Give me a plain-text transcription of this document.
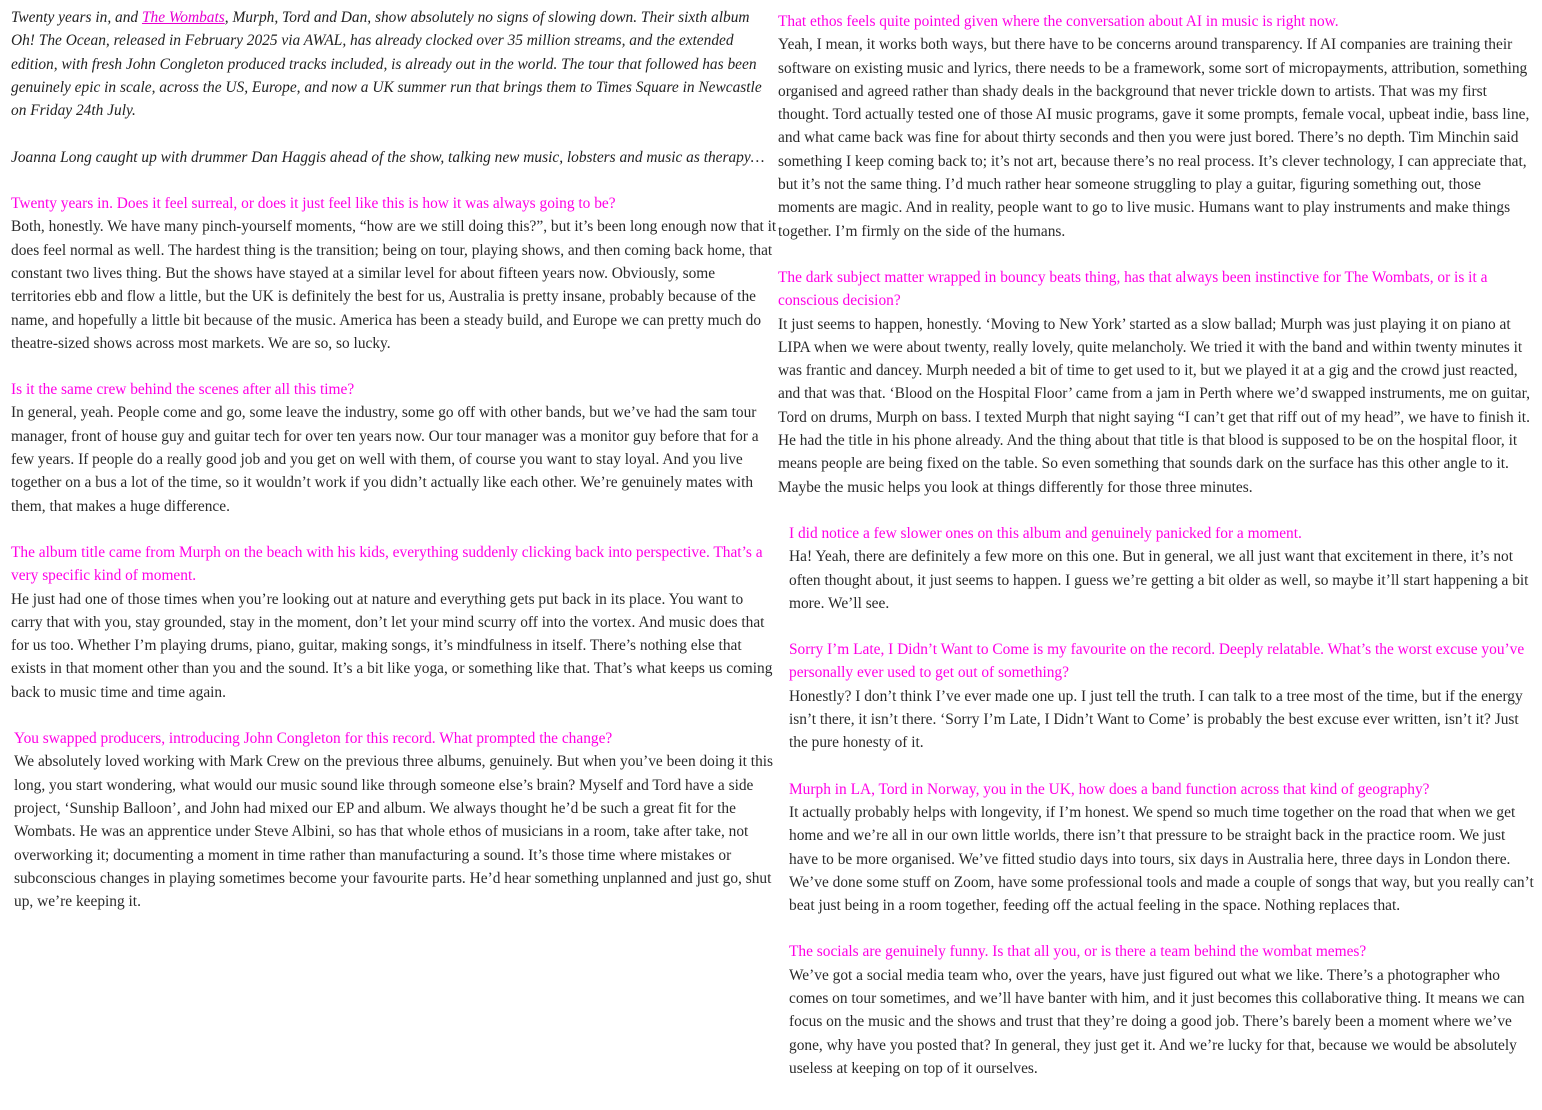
Twenty years in, and The Wombats, Murph, Tord and Dan, show absolutely no signs of slowing down. Their sixth album Oh! The Ocean, released in February 2025 via AWAL, has already clocked over 35 million streams, and the extended edition, with fresh John Congleton produced tracks included, is already out in the world. The tour that followed has been genuinely epic in scale, across the US, Europe, and now a UK summer run that brings them to Times Square in Newcastle on Friday 24th July.

Joanna Long caught up with drummer Dan Haggis ahead of the show, talking new music, lobsters and music as therapy…

Twenty years in. Does it feel surreal, or does it just feel like this is how it was always going to be?

Both, honestly. We have many pinch-yourself moments, “how are we still doing this?”, but it’s been long enough now that it does feel normal as well. The hardest thing is the transition; being on tour, playing shows, and then coming back home, that constant two lives thing. But the shows have stayed at a similar level for about fifteen years now. Obviously, some territories ebb and flow a little, but the UK is definitely the best for us, Australia is pretty insane, probably because of the name, and hopefully a little bit because of the music. America has been a steady build, and Europe we can pretty much do theatre-sized shows across most markets. We are so, so lucky.

Is it the same crew behind the scenes after all this time?

In general, yeah. People come and go, some leave the industry, some go off with other bands, but we’ve had the sam tour manager, front of house guy and guitar tech for over ten years now. Our tour manager was a monitor guy before that for a few years. If people do a really good job and you get on well with them, of course you want to stay loyal. And you live together on a bus a lot of the time, so it wouldn’t work if you didn’t actually like each other. We’re genuinely mates with them, that makes a huge difference.

The album title came from Murph on the beach with his kids, everything suddenly clicking back into perspective. That’s a very specific kind of moment.

He just had one of those times when you’re looking out at nature and everything gets put back in its place. You want to carry that with you, stay grounded, stay in the moment, don’t let your mind scurry off into the vortex. And music does that for us too. Whether I’m playing drums, piano, guitar, making songs, it’s mindfulness in itself. There’s nothing else that exists in that moment other than you and the sound. It’s a bit like yoga, or something like that. That’s what keeps us coming back to music time and time again.

You swapped producers, introducing John Congleton for this record. What prompted the change?

We absolutely loved working with Mark Crew on the previous three albums, genuinely. But when you’ve been doing it this long, you start wondering, what would our music sound like through someone else’s brain? Myself and Tord have a side project, ‘Sunship Balloon’, and John had mixed our EP and album. We always thought he’d be such a great fit for the Wombats. He was an apprentice under Steve Albini, so has that whole ethos of musicians in a room, take after take, not overworking it; documenting a moment in time rather than manufacturing a sound. It’s those time where mistakes or subconscious changes in playing sometimes become your favourite parts. He’d hear something unplanned and just go, shut up, we’re keeping it.

That ethos feels quite pointed given where the conversation about AI in music is right now.

Yeah, I mean, it works both ways, but there have to be concerns around transparency. If AI companies are training their software on existing music and lyrics, there needs to be a framework, some sort of micropayments, attribution, something organised and agreed rather than shady deals in the background that never trickle down to artists. That was my first thought. Tord actually tested one of those AI music programs, gave it some prompts, female vocal, upbeat indie, bass line, and what came back was fine for about thirty seconds and then you were just bored. There’s no depth. Tim Minchin said something I keep coming back to; it’s not art, because there’s no real process. It’s clever technology, I can appreciate that, but it’s not the same thing. I’d much rather hear someone struggling to play a guitar, figuring something out, those moments are magic. And in reality, people want to go to live music. Humans want to play instruments and make things together. I’m firmly on the side of the humans.

The dark subject matter wrapped in bouncy beats thing, has that always been instinctive for The Wombats, or is it a conscious decision?

It just seems to happen, honestly. ‘Moving to New York’ started as a slow ballad; Murph was just playing it on piano at LIPA when we were about twenty, really lovely, quite melancholy. We tried it with the band and within twenty minutes it was frantic and dancey. Murph needed a bit of time to get used to it, but we played it at a gig and the crowd just reacted, and that was that. ‘Blood on the Hospital Floor’ came from a jam in Perth where we’d swapped instruments, me on guitar, Tord on drums, Murph on bass. I texted Murph that night saying “I can’t get that riff out of my head”, we have to finish it. He had the title in his phone already. And the thing about that title is that blood is supposed to be on the hospital floor, it means people are being fixed on the table. So even something that sounds dark on the surface has this other angle to it. Maybe the music helps you look at things differently for those three minutes.

I did notice a few slower ones on this album and genuinely panicked for a moment.

Ha! Yeah, there are definitely a few more on this one. But in general, we all just want that excitement in there, it’s not often thought about, it just seems to happen. I guess we’re getting a bit older as well, so maybe it’ll start happening a bit more. We’ll see.

Sorry I’m Late, I Didn’t Want to Come is my favourite on the record. Deeply relatable. What’s the worst excuse you’ve personally ever used to get out of something?

Honestly? I don’t think I’ve ever made one up. I just tell the truth. I can talk to a tree most of the time, but if the energy isn’t there, it isn’t there. ‘Sorry I’m Late, I Didn’t Want to Come’ is probably the best excuse ever written, isn’t it? Just the pure honesty of it.

Murph in LA, Tord in Norway, you in the UK, how does a band function across that kind of geography?

It actually probably helps with longevity, if I’m honest. We spend so much time together on the road that when we get home and we’re all in our own little worlds, there isn’t that pressure to be straight back in the practice room. We just have to be more organised. We’ve fitted studio days into tours, six days in Australia here, three days in London there. We’ve done some stuff on Zoom, have some professional tools and made a couple of songs that way, but you really can’t beat just being in a room together, feeding off the actual feeling in the space. Nothing replaces that.

The socials are genuinely funny. Is that all you, or is there a team behind the wombat memes?

We’ve got a social media team who, over the years, have just figured out what we like. There’s a photographer who comes on tour sometimes, and we’ll have banter with him, and it just becomes this collaborative thing. It means we can focus on the music and the shows and trust that they’re doing a good job. There’s barely been a moment where we’ve gone, why have you posted that? In general, they just get it. And we’re lucky for that, because we would be absolutely useless at keeping on top of it ourselves.
